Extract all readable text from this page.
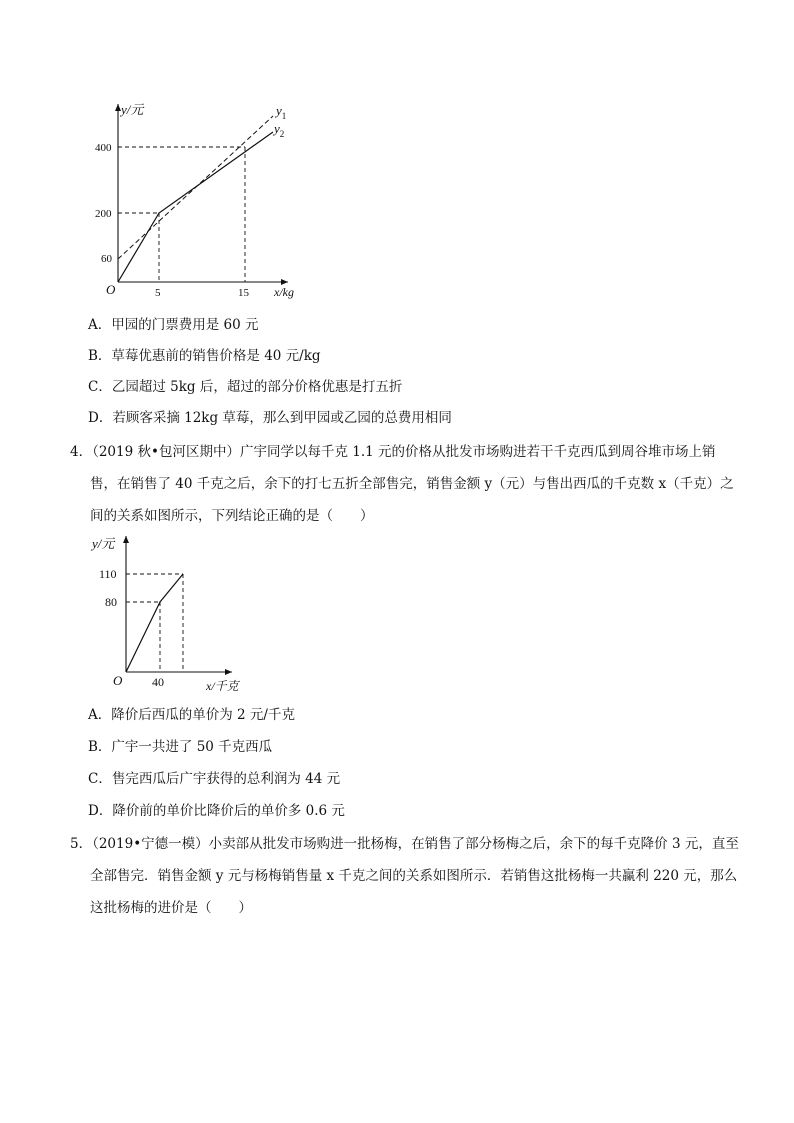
y/元
x/kg
O
400
200
60
5	15
$y_1$
$y_2$
A．甲园的门票费用是 60 元
B．草莓优惠前的销售价格是 40 元/kg
C．乙园超过 5kg 后，超过的部分价格优惠是打五折
D．若顾客采摘 12kg 草莓，那么到甲园或乙园的总费用相同
4．（2019 秋•包河区期中）广宇同学以每千克 1.1 元的价格从批发市场购进若干千克西瓜到周谷堆市场上销售，在销售了 40 千克之后，余下的打七五折全部售完，销售金额 y（元）与售出西瓜的千克数 x（千克）之间的关系如图所示，下列结论正确的是（　　）
y/元
x/千克
O
110
80
40
A．降价后西瓜的单价为 2 元/千克
B．广宇一共进了 50 千克西瓜
C．售完西瓜后广宇获得的总利润为 44 元
D．降价前的单价比降价后的单价多 0.6 元
5．（2019•宁德一模）小卖部从批发市场购进一批杨梅，在销售了部分杨梅之后，余下的每千克降价 3 元，直至全部售完．销售金额 y 元与杨梅销售量 x 千克之间的关系如图所示．若销售这批杨梅一共赢利 220 元，那么这批杨梅的进价是（　　）
